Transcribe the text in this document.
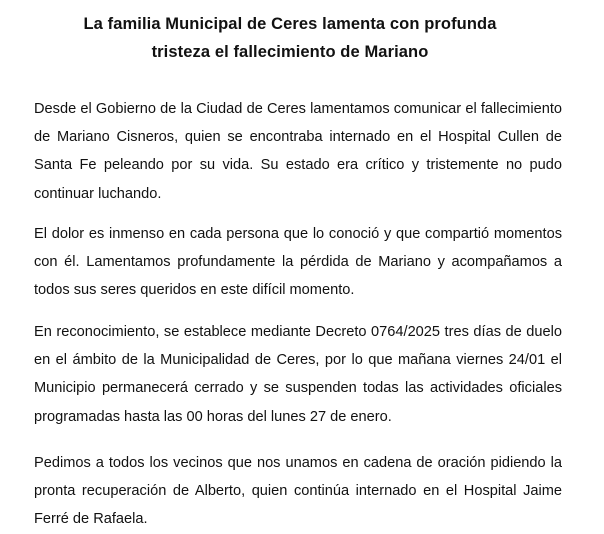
La familia Municipal de Ceres lamenta con profunda
tristeza el fallecimiento de Mariano

Desde el Gobierno de la Ciudad de Ceres lamentamos comunicar el fallecimiento de Mariano Cisneros, quien se encontraba internado en el Hospital Cullen de Santa Fe peleando por su vida. Su estado era crítico y tristemente no pudo continuar luchando.

El dolor es inmenso en cada persona que lo conoció y que compartió momentos con él. Lamentamos profundamente la pérdida de Mariano y acompañamos a todos sus seres queridos en este difícil momento.

En reconocimiento, se establece mediante Decreto 0764/2025 tres días de duelo en el ámbito de la Municipalidad de Ceres, por lo que mañana viernes 24/01 el Municipio permanecerá cerrado y se suspenden todas las actividades oficiales programadas hasta las 00 horas del lunes 27 de enero.

Pedimos a todos los vecinos que nos unamos en cadena de oración pidiendo la pronta recuperación de Alberto, quien continúa internado en el Hospital Jaime Ferré de Rafaela.
